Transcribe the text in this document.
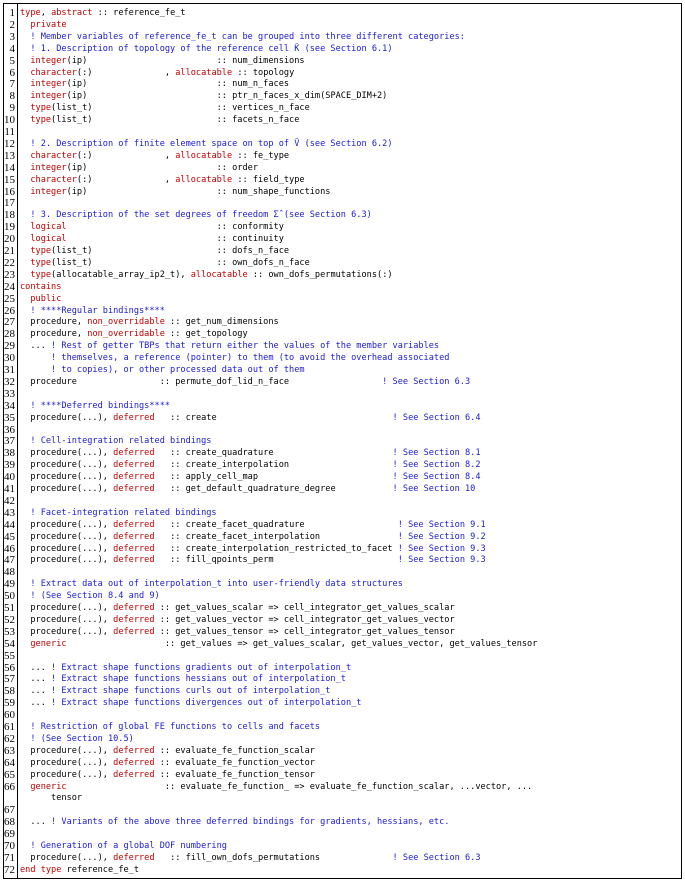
1 type, abstract :: reference_fe_t
2	private
3 ! Member variables of reference_fe_t can be grouped into three different categories:
4 ! 1. Description of topology of the reference cell K̂ (see Section 6.1)
5 integer(ip)                         :: num_dimensions
6 character(:)              , allocatable :: topology
7 integer(ip)                         :: num_n_faces
8 integer(ip)                         :: ptr_n_faces_x_dim(SPACE_DIM+2)
9 type(list_t)                        :: vertices_n_face
10 type(list_t)                        :: facets_n_face
11
12 ! 2. Description of finite element space on top of V̂ (see Section 6.2)
13 character(:)              , allocatable :: fe_type
14 integer(ip)                         :: order
15 character(:)              , allocatable :: field_type
16 integer(ip)                         :: num_shape_functions
17
18 ! 3. Description of the set degrees of freedom Σ̂ (see Section 6.3)
19 logical                             :: conformity
20 logical                             :: continuity
21 type(list_t)                        :: dofs_n_face
22 type(list_t)                        :: own_dofs_n_face
23 type(allocatable_array_ip2_t), allocatable :: own_dofs_permutations(:)
24 contains
25	public
26 ! ****Regular bindings****
27 procedure, non_overridable :: get_num_dimensions
28 procedure, non_overridable :: get_topology
29 ... ! Rest of getter TBPs that return either the values of the member variables
30 ! themselves, a reference (pointer) to them (to avoid the overhead associated
31 ! to copies), or other processed data out of them
32 procedure                :: permute_dof_lid_n_face                  ! See Section 6.3
33
34 ! ****Deferred bindings****
35 procedure(...), deferred   :: create                                  ! See Section 6.4
36
37 ! Cell-integration related bindings
38 procedure(...), deferred   :: create_quadrature                       ! See Section 8.1
39 procedure(...), deferred   :: create_interpolation                    ! See Section 8.2
40 procedure(...), deferred   :: apply_cell_map                          ! See Section 8.4
41 procedure(...), deferred   :: get_default_quadrature_degree           ! See Section 10
42
43 ! Facet-integration related bindings
44 procedure(...), deferred   :: create_facet_quadrature                  ! See Section 9.1
45 procedure(...), deferred   :: create_facet_interpolation               ! See Section 9.2
46 procedure(...), deferred   :: create_interpolation_restricted_to_facet ! See Section 9.3
47 procedure(...), deferred   :: fill_qpoints_perm                        ! See Section 9.3
48
49 ! Extract data out of interpolation_t into user-friendly data structures
50 ! (See Section 8.4 and 9)
51 procedure(...), deferred :: get_values_scalar => cell_integrator_get_values_scalar
52 procedure(...), deferred :: get_values_vector => cell_integrator_get_values_vector
53 procedure(...), deferred :: get_values_tensor => cell_integrator_get_values_tensor
54 generic                   :: get_values => get_values_scalar, get_values_vector, get_values_tensor
55
56 ... ! Extract shape functions gradients out of interpolation_t
57 ... ! Extract shape functions hessians out of interpolation_t
58 ... ! Extract shape functions curls out of interpolation_t
59 ... ! Extract shape functions divergences out of interpolation_t
60
61 ! Restriction of global FE functions to cells and facets
62 ! (See Section 10.5)
63 procedure(...), deferred :: evaluate_fe_function_scalar
64 procedure(...), deferred :: evaluate_fe_function_vector
65 procedure(...), deferred :: evaluate_fe_function_tensor
66 generic                   :: evaluate_fe_function_ => evaluate_fe_function_scalar, ...vector, ...
tensor
67
68 ... ! Variants of the above three deferred bindings for gradients, hessians, etc.
69
70 ! Generation of a global DOF numbering
71 procedure(...), deferred   :: fill_own_dofs_permutations              ! See Section 6.3
72 end type reference_fe_t
